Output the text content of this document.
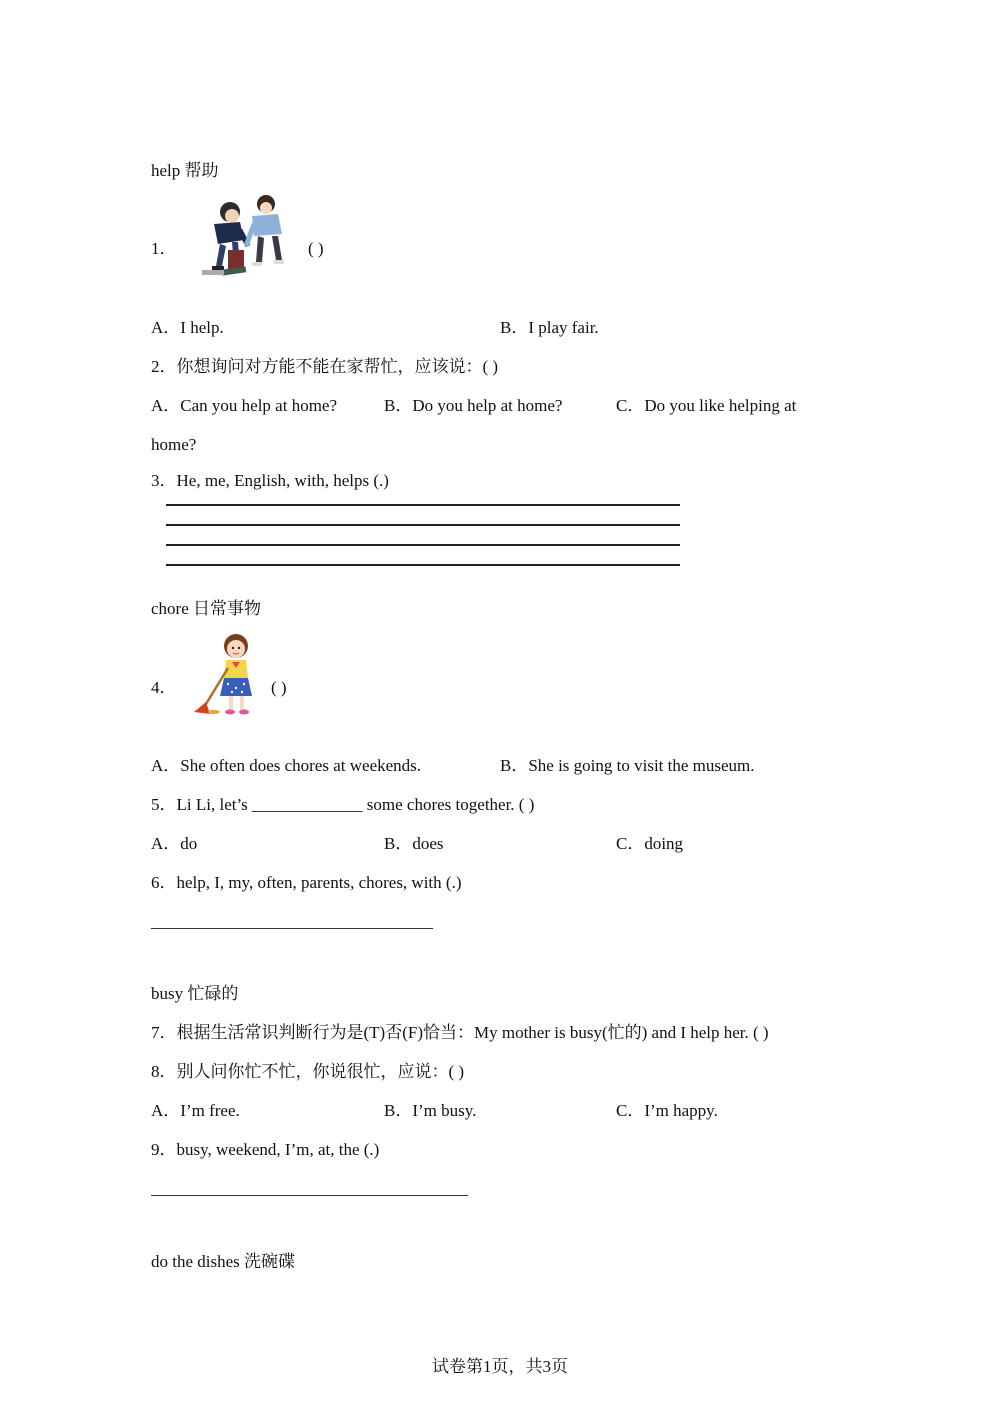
help 帮助
1．	( )
A．I help.	B．I play fair.
2．你想询问对方能不能在家帮忙，应该说：( )
A．Can you help at home?	B．Do you help at home?	C．Do you like helping at
home?
3．He, me, English, with, helps (.)
chore 日常事物
4．	( )
A．She often does chores at weekends.	B．She is going to visit the museum.
5．Li Li, let’s _____________ some chores together. ( )
A．do	B．does	C．doing
6．help, I, my, often, parents, chores, with (.)
busy 忙碌的
7．根据生活常识判断行为是(T)否(F)恰当：My mother is busy(忙的) and I help her. ( )
8．别人问你忙不忙，你说很忙，应说：( )
A．I’m free.	B．I’m busy.	C．I’m happy.
9．busy, weekend, I’m, at, the (.)
do the dishes 洗碗碟
试卷第1页，共3页
